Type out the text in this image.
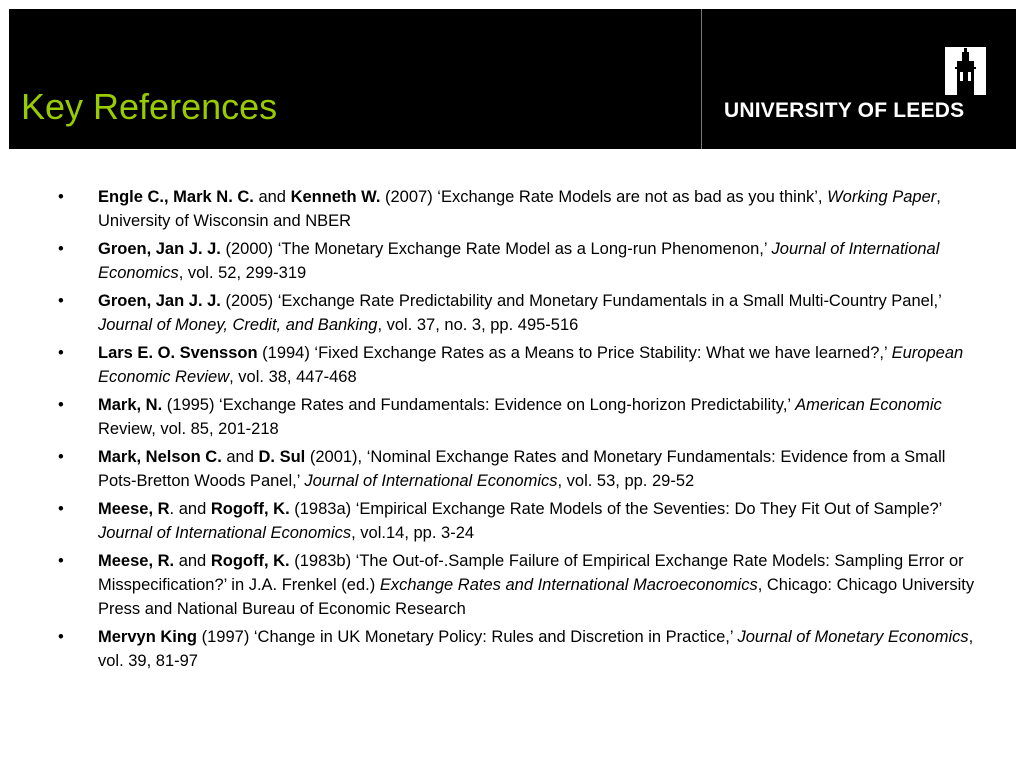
Key References	UNIVERSITY OF LEEDS
• Engle C., Mark N. C. and Kenneth W. (2007) ‘Exchange Rate Models are not as bad as you think’, Working Paper, University of Wisconsin and NBER
• Groen, Jan J. J. (2000) ‘The Monetary Exchange Rate Model as a Long-run Phenomenon,’ Journal of International Economics, vol. 52, 299-319
• Groen, Jan J. J. (2005) ‘Exchange Rate Predictability and Monetary Fundamentals in a Small Multi-Country Panel,’ Journal of Money, Credit, and Banking, vol. 37, no. 3, pp. 495-516
• Lars E. O. Svensson (1994) ‘Fixed Exchange Rates as a Means to Price Stability: What we have learned?,’ European Economic Review, vol. 38, 447-468
• Mark, N. (1995) ‘Exchange Rates and Fundamentals: Evidence on Long-horizon Predictability,’ American Economic Review, vol. 85, 201-218
• Mark, Nelson C. and D. Sul (2001), ‘Nominal Exchange Rates and Monetary Fundamentals: Evidence from a Small Pots-Bretton Woods Panel,’ Journal of International Economics, vol. 53, pp. 29-52
• Meese, R. and Rogoff, K. (1983a) ‘Empirical Exchange Rate Models of the Seventies: Do They Fit Out of Sample?’ Journal of International Economics, vol.14, pp. 3-24
• Meese, R. and Rogoff, K. (1983b) ‘The Out-of-.Sample Failure of Empirical Exchange Rate Models: Sampling Error or Misspecification?’ in J.A. Frenkel (ed.) Exchange Rates and International Macroeconomics, Chicago: Chicago University Press and National Bureau of Economic Research
• Mervyn King (1997) ‘Change in UK Monetary Policy: Rules and Discretion in Practice,’ Journal of Monetary Economics, vol. 39, 81-97
